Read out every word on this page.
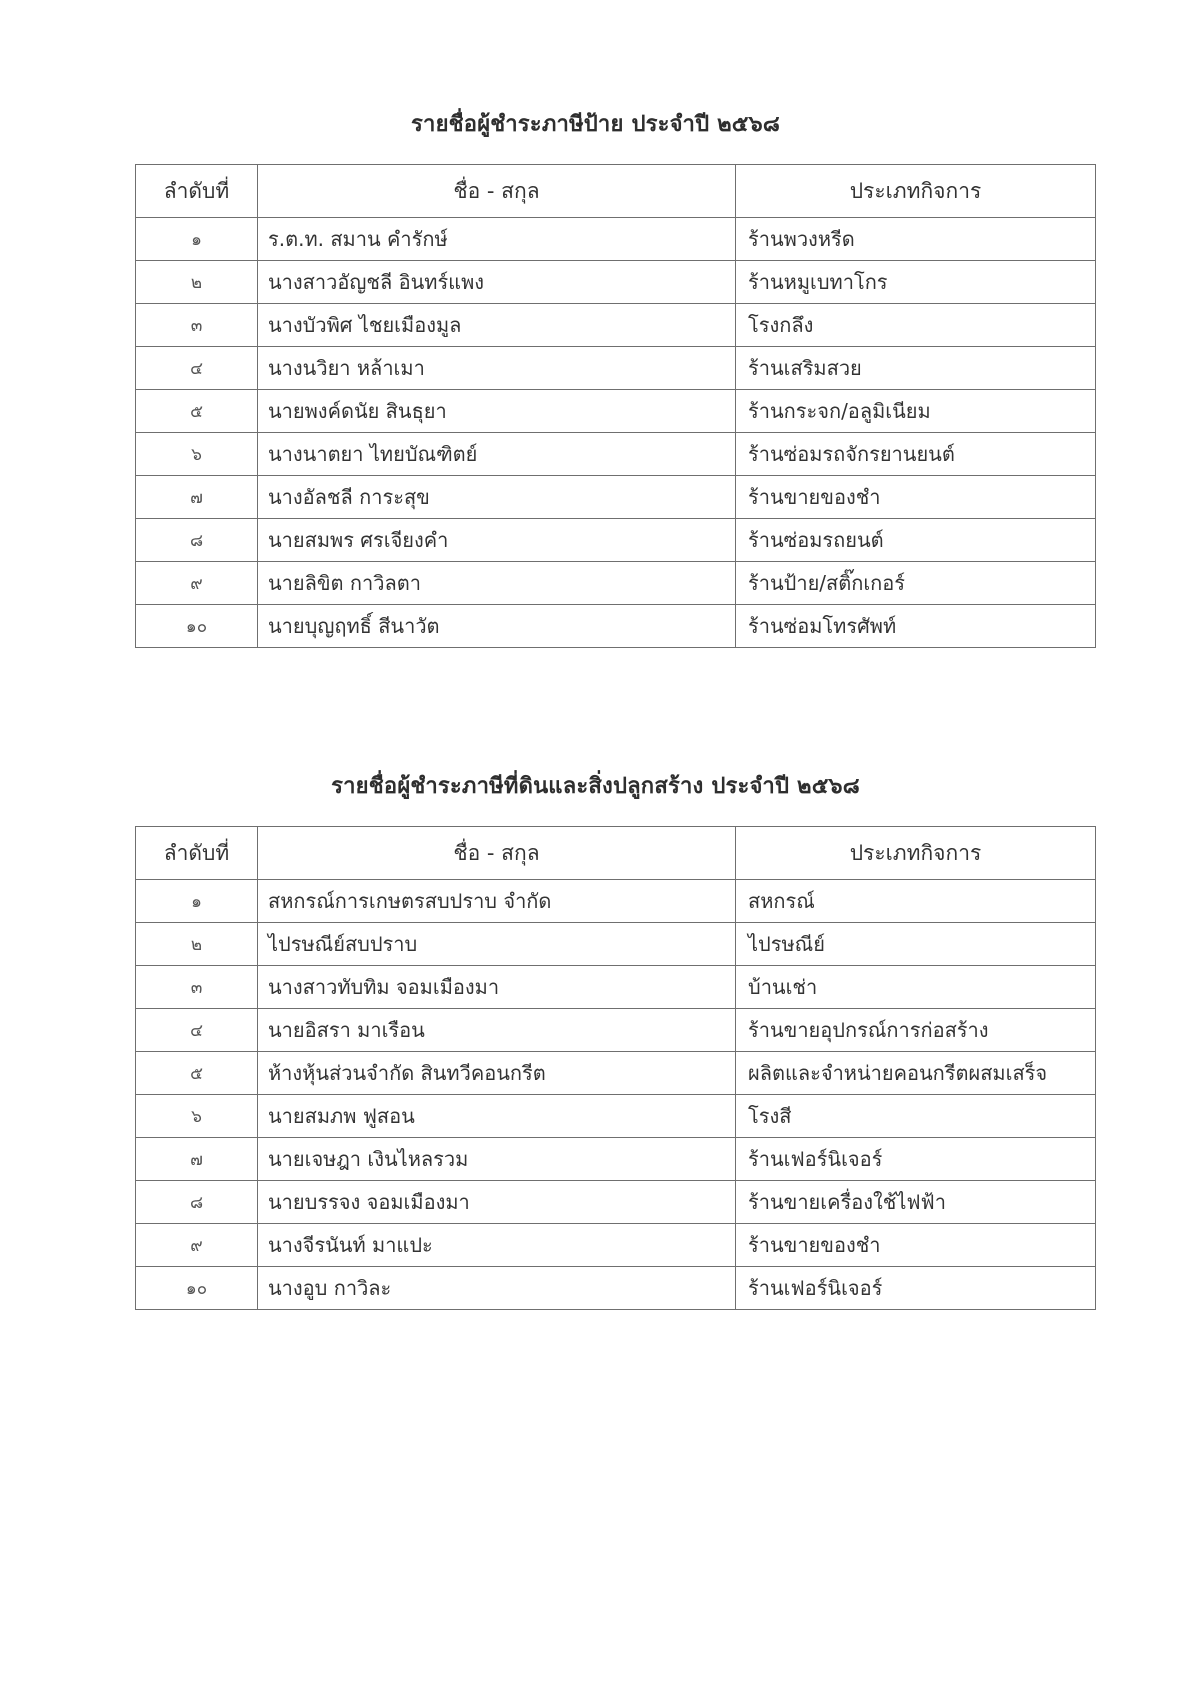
รายชื่อผู้ชำระภาษีป้าย ประจำปี ๒๕๖๘
ลำดับที่	ชื่อ - สกุล	ประเภทกิจการ
๑	ร.ต.ท. สมาน คำรักษ์	ร้านพวงหรีด
๒	นางสาวอัญชลี อินทร์แพง	ร้านหมูเบทาโกร
๓	นางบัวพิศ ไชยเมืองมูล	โรงกลึง
๔	นางนวิยา หล้าเมา	ร้านเสริมสวย
๕	นายพงค์ดนัย สินธุยา	ร้านกระจก/อลูมิเนียม
๖	นางนาตยา ไทยบัณฑิตย์	ร้านซ่อมรถจักรยานยนต์
๗	นางอัลชลี การะสุข	ร้านขายของชำ
๘	นายสมพร ศรเจียงคำ	ร้านซ่อมรถยนต์
๙	นายลิขิต กาวิลตา	ร้านป้าย/สติ๊กเกอร์
๑๐	นายบุญฤทธิ์ สีนาวัต	ร้านซ่อมโทรศัพท์
รายชื่อผู้ชำระภาษีที่ดินและสิ่งปลูกสร้าง ประจำปี ๒๕๖๘
ลำดับที่	ชื่อ - สกุล	ประเภทกิจการ
๑	สหกรณ์การเกษตรสบปราบ จำกัด	สหกรณ์
๒	ไปรษณีย์สบปราบ	ไปรษณีย์
๓	นางสาวทับทิม จอมเมืองมา	บ้านเช่า
๔	นายอิสรา มาเรือน	ร้านขายอุปกรณ์การก่อสร้าง
๕	ห้างหุ้นส่วนจำกัด สินทวีคอนกรีต	ผลิตและจำหน่ายคอนกรีตผสมเสร็จ
๖	นายสมภพ ฟูสอน	โรงสี
๗	นายเจษฎา เงินไหลรวม	ร้านเฟอร์นิเจอร์
๘	นายบรรจง จอมเมืองมา	ร้านขายเครื่องใช้ไฟฟ้า
๙	นางจีรนันท์ มาแปะ	ร้านขายของชำ
๑๐	นางอูบ กาวิละ	ร้านเฟอร์นิเจอร์
